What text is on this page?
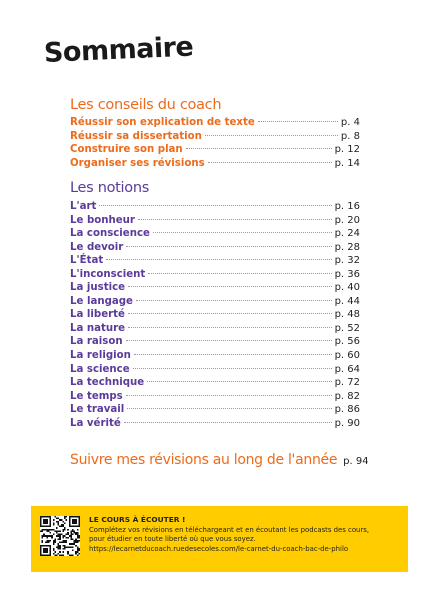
Sommaire
Les conseils du coach
Réussir son explication de texte	p. 4
Réussir sa dissertation	p. 8
Construire son plan	p. 12
Organiser ses révisions	p. 14
Les notions
L'art	p. 16
Le bonheur	p. 20
La conscience	p. 24
Le devoir	p. 28
L'État	p. 32
L'inconscient	p. 36
La justice	p. 40
Le langage	p. 44
La liberté	p. 48
La nature	p. 52
La raison	p. 56
La religion	p. 60
La science	p. 64
La technique	p. 72
Le temps	p. 82
Le travail	p. 86
La vérité	p. 90
Suivre mes révisions au long de l'année p. 94
LE COURS À ÉCOUTER !
Complétez vos révisions en téléchargeant et en écoutant les podcasts des cours,
pour étudier en toute liberté où que vous soyez.
https://lecarnetducoach.ruedesecoles.com/le-carnet-du-coach-bac-de-philo
